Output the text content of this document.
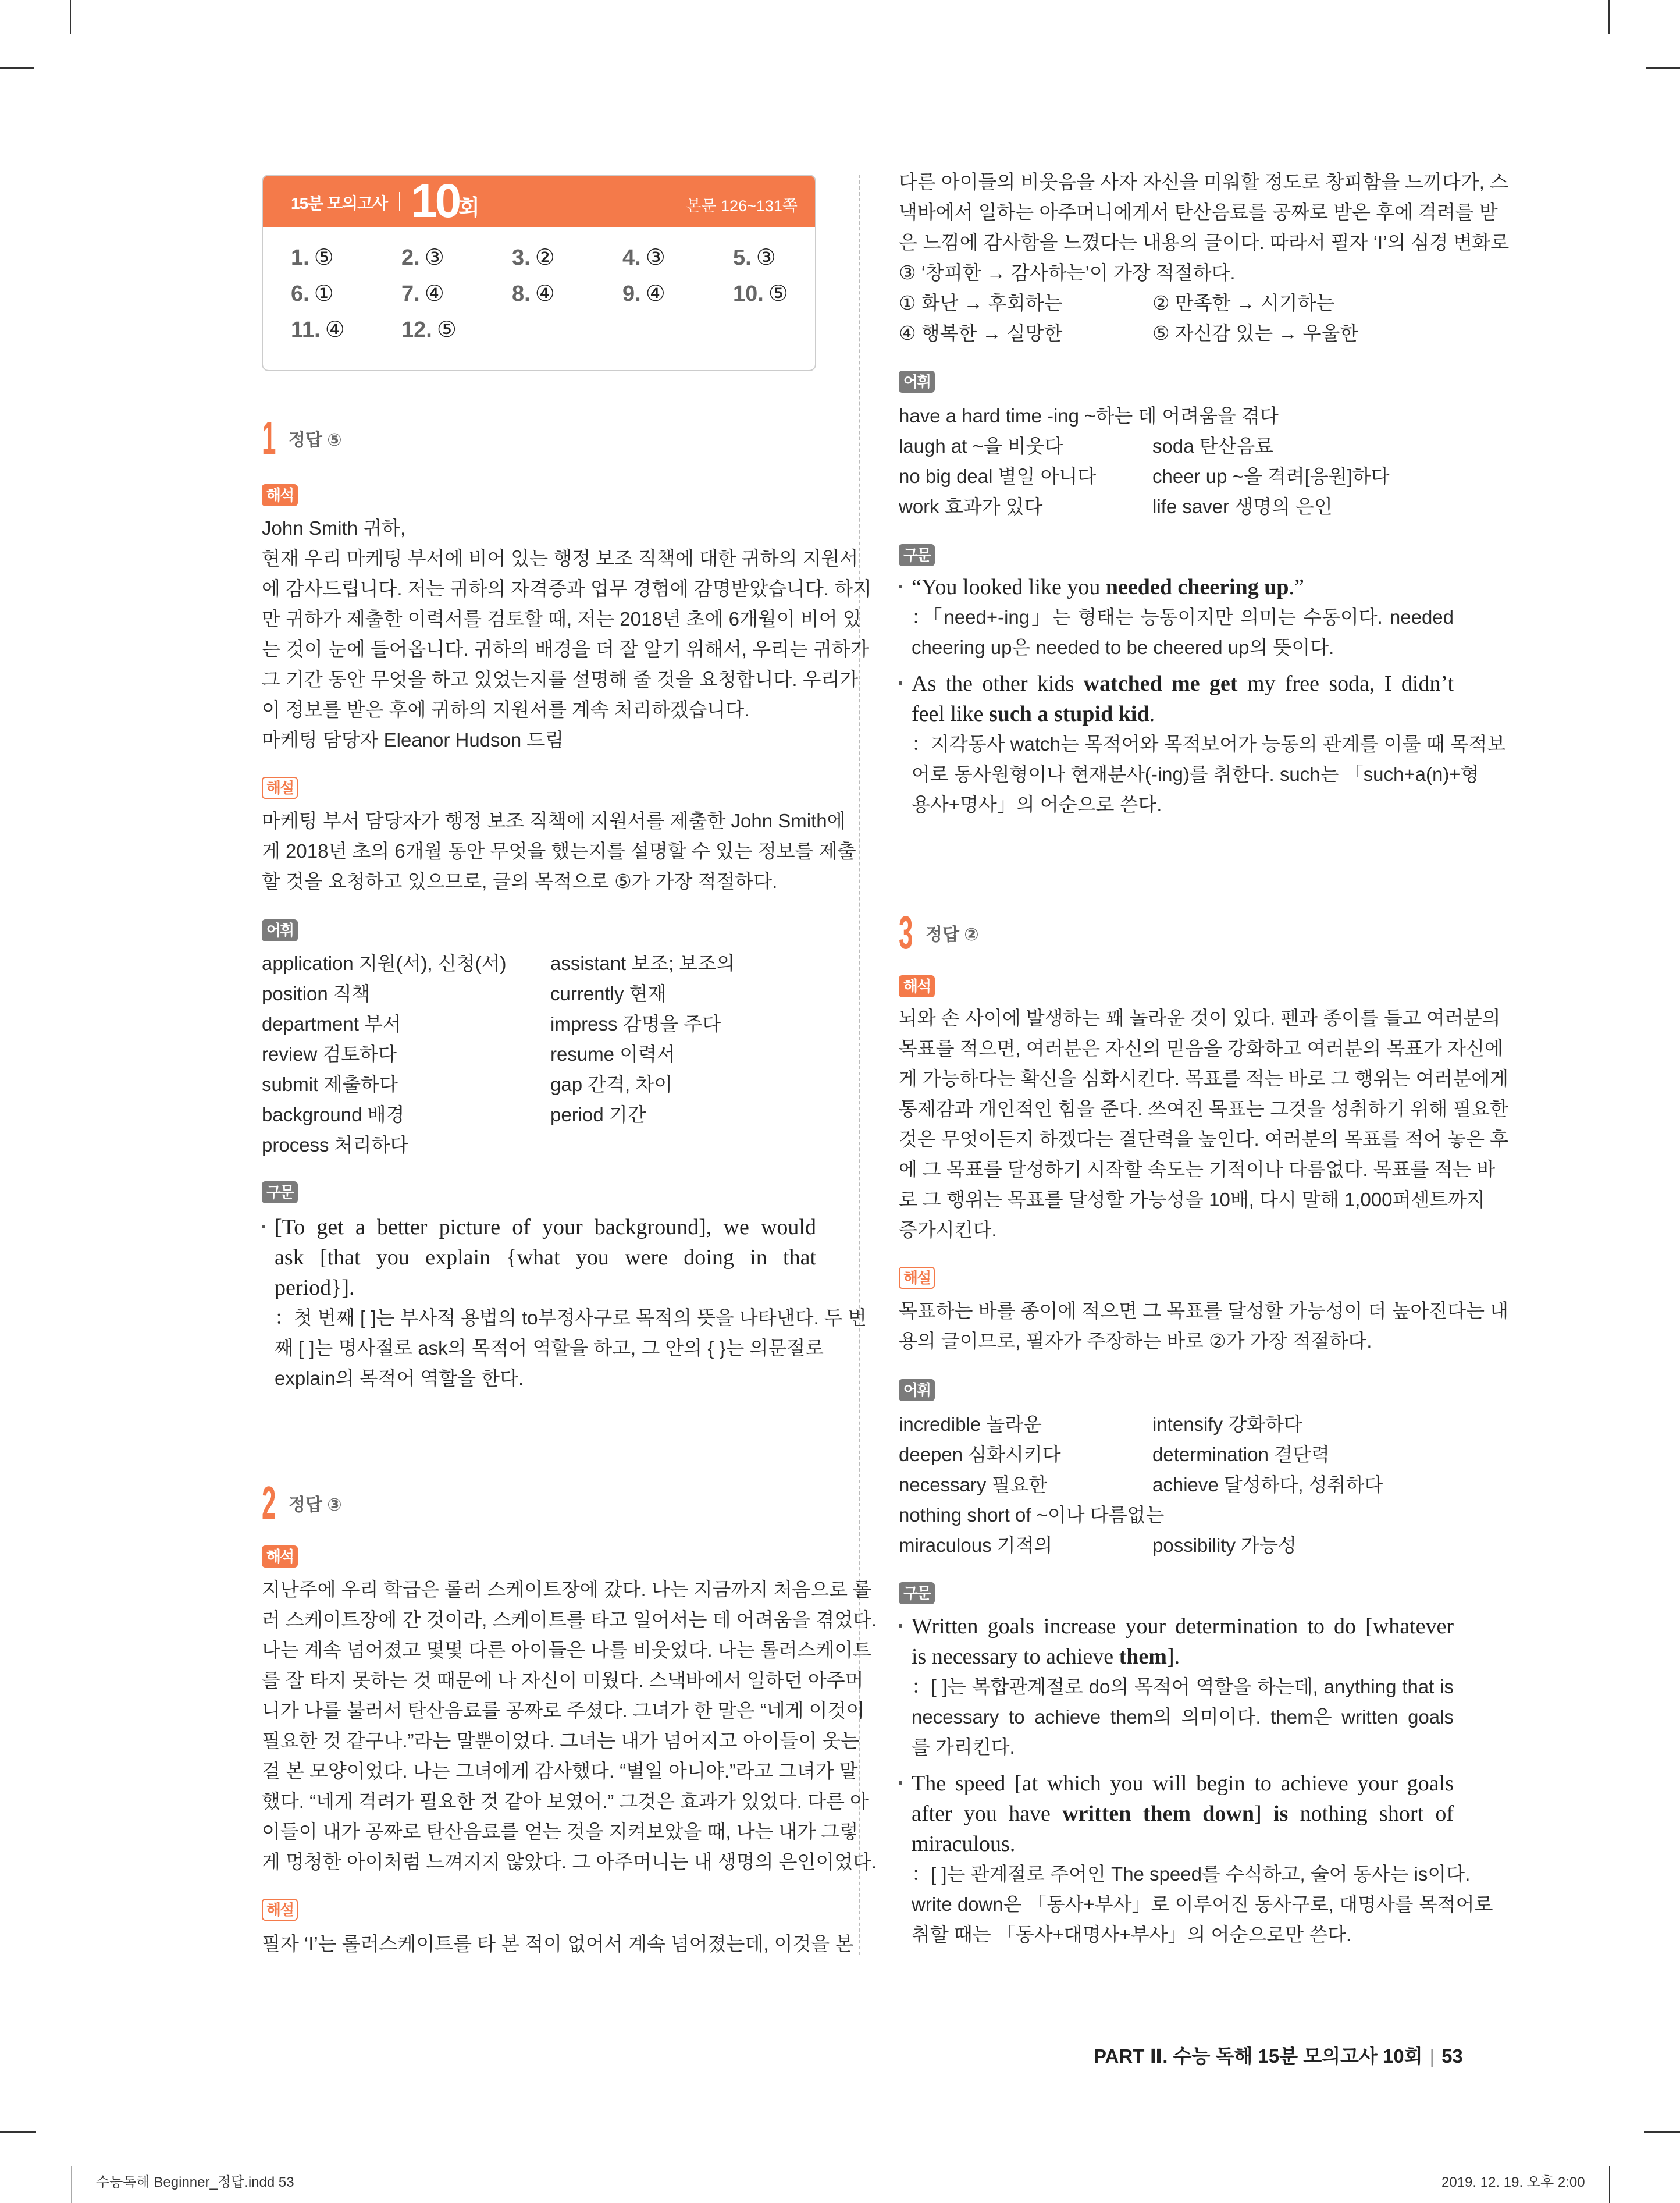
15분 모의고사 10
회	본문 126~131쪽
1. ⑤	2. ③	3. ②	4. ③	5. ③
6. ①	7. ④	8. ④	9. ④	10. ⑤
11. ④	12. ⑤
1 정답 ⑤
해석
John Smith 귀하,
현재 우리 마케팅 부서에 비어 있는 행정 보조 직책에 대한 귀하의 지원서
에 감사드립니다. 저는 귀하의 자격증과 업무 경험에 감명받았습니다. 하지
만 귀하가 제출한 이력서를 검토할 때, 저는 2018년 초에 6개월이 비어 있
는 것이 눈에 들어옵니다. 귀하의 배경을 더 잘 알기 위해서, 우리는 귀하가
그 기간 동안 무엇을 하고 있었는지를 설명해 줄 것을 요청합니다. 우리가
이 정보를 받은 후에 귀하의 지원서를 계속 처리하겠습니다.
마케팅 담당자 Eleanor Hudson 드림
해설
마케팅 부서 담당자가 행정 보조 직책에 지원서를 제출한 John Smith에
게 2018년 초의 6개월 동안 무엇을 했는지를 설명할 수 있는 정보를 제출
할 것을 요청하고 있으므로, 글의 목적으로 ⑤가 가장 적절하다.
어휘
application 지원(서), 신청(서) assistant 보조; 보조의
position 직책	currently 현재
department 부서	impress 감명을 주다
review 검토하다	resume 이력서
submit 제출하다	gap 간격, 차이
background 배경	period 기간
process 처리하다
구문
[To get a better picture of your background], we would
ask [that you explain {what you were doing in that
period}].
：첫 번째 [ ]는 부사적 용법의 to부정사구로 목적의 뜻을 나타낸다. 두 번
째 [ ]는 명사절로 ask의 목적어 역할을 하고, 그 안의 { }는 의문절로
explain의 목적어 역할을 한다.
2 정답 ③
해석
지난주에 우리 학급은 롤러 스케이트장에 갔다. 나는 지금까지 처음으로 롤
러 스케이트장에 간 것이라, 스케이트를 타고 일어서는 데 어려움을 겪었다.
나는 계속 넘어졌고 몇몇 다른 아이들은 나를 비웃었다. 나는 롤러스케이트
를 잘 타지 못하는 것 때문에 나 자신이 미웠다. 스낵바에서 일하던 아주머
니가 나를 불러서 탄산음료를 공짜로 주셨다. 그녀가 한 말은 “네게 이것이
필요한 것 같구나.”라는 말뿐이었다. 그녀는 내가 넘어지고 아이들이 웃는
걸 본 모양이었다. 나는 그녀에게 감사했다. “별일 아니야.”라고 그녀가 말
했다. “네게 격려가 필요한 것 같아 보였어.” 그것은 효과가 있었다. 다른 아
이들이 내가 공짜로 탄산음료를 얻는 것을 지켜보았을 때, 나는 내가 그렇
게 멍청한 아이처럼 느껴지지 않았다. 그 아주머니는 내 생명의 은인이었다.
해설
필자 ‘I’는 롤러스케이트를 타 본 적이 없어서 계속 넘어졌는데, 이것을 본
다른 아이들의 비웃음을 사자 자신을 미워할 정도로 창피함을 느끼다가, 스
낵바에서 일하는 아주머니에게서 탄산음료를 공짜로 받은 후에 격려를 받
은 느낌에 감사함을 느꼈다는 내용의 글이다. 따라서 필자 ‘I’의 심경 변화로
③ ‘창피한 → 감사하는’이 가장 적절하다.
① 화난 → 후회하는	② 만족한 → 시기하는
④ 행복한 → 실망한	⑤ 자신감 있는 → 우울한
어휘
have a hard time -ing ~하는 데 어려움을 겪다
laugh at ~을 비웃다	soda 탄산음료
no big deal 별일 아니다	cheer up ~을 격려[응원]하다
work 효과가 있다	life saver 생명의 은인
구문
“You looked like you needed cheering up.”
：「need+-ing」는 형태는 능동이지만 의미는 수동이다. needed
cheering up은 needed to be cheered up의 뜻이다.
As the other kids watched me get my free soda, I didn’t
feel like such a stupid kid.
：지각동사 watch는 목적어와 목적보어가 능동의 관계를 이룰 때 목적보
어로 동사원형이나 현재분사(-ing)를 취한다. such는 「such+a(n)+형
용사+명사」의 어순으로 쓴다.
3 정답 ②
해석
뇌와 손 사이에 발생하는 꽤 놀라운 것이 있다. 펜과 종이를 들고 여러분의
목표를 적으면, 여러분은 자신의 믿음을 강화하고 여러분의 목표가 자신에
게 가능하다는 확신을 심화시킨다. 목표를 적는 바로 그 행위는 여러분에게
통제감과 개인적인 힘을 준다. 쓰여진 목표는 그것을 성취하기 위해 필요한
것은 무엇이든지 하겠다는 결단력을 높인다. 여러분의 목표를 적어 놓은 후
에 그 목표를 달성하기 시작할 속도는 기적이나 다름없다. 목표를 적는 바
로 그 행위는 목표를 달성할 가능성을 10배, 다시 말해 1,000퍼센트까지
증가시킨다.
해설
목표하는 바를 종이에 적으면 그 목표를 달성할 가능성이 더 높아진다는 내
용의 글이므로, 필자가 주장하는 바로 ②가 가장 적절하다.
어휘
incredible 놀라운	intensify 강화하다
deepen 심화시키다	determination 결단력
necessary 필요한	achieve 달성하다, 성취하다
nothing short of ~이나 다름없는
miraculous 기적의	possibility 가능성
구문
Written goals increase your determination to do [whatever
is necessary to achieve them].
：[ ]는 복합관계절로 do의 목적어 역할을 하는데, anything that is
necessary to achieve them의 의미이다. them은 written goals
를 가리킨다.
The speed [at which you will begin to achieve your goals
after you have written them down] is nothing short of
miraculous.
：[ ]는 관계절로 주어인 The speed를 수식하고, 술어 동사는 is이다.
write down은 「동사+부사」로 이루어진 동사구로, 대명사를 목적어로
취할 때는 「동사+대명사+부사」의 어순으로만 쓴다.
PART Ⅱ. 수능 독해 15분 모의고사 10회 | 53
수능독해 Beginner_정답.indd 53	2019. 12. 19. 오후 2:00
